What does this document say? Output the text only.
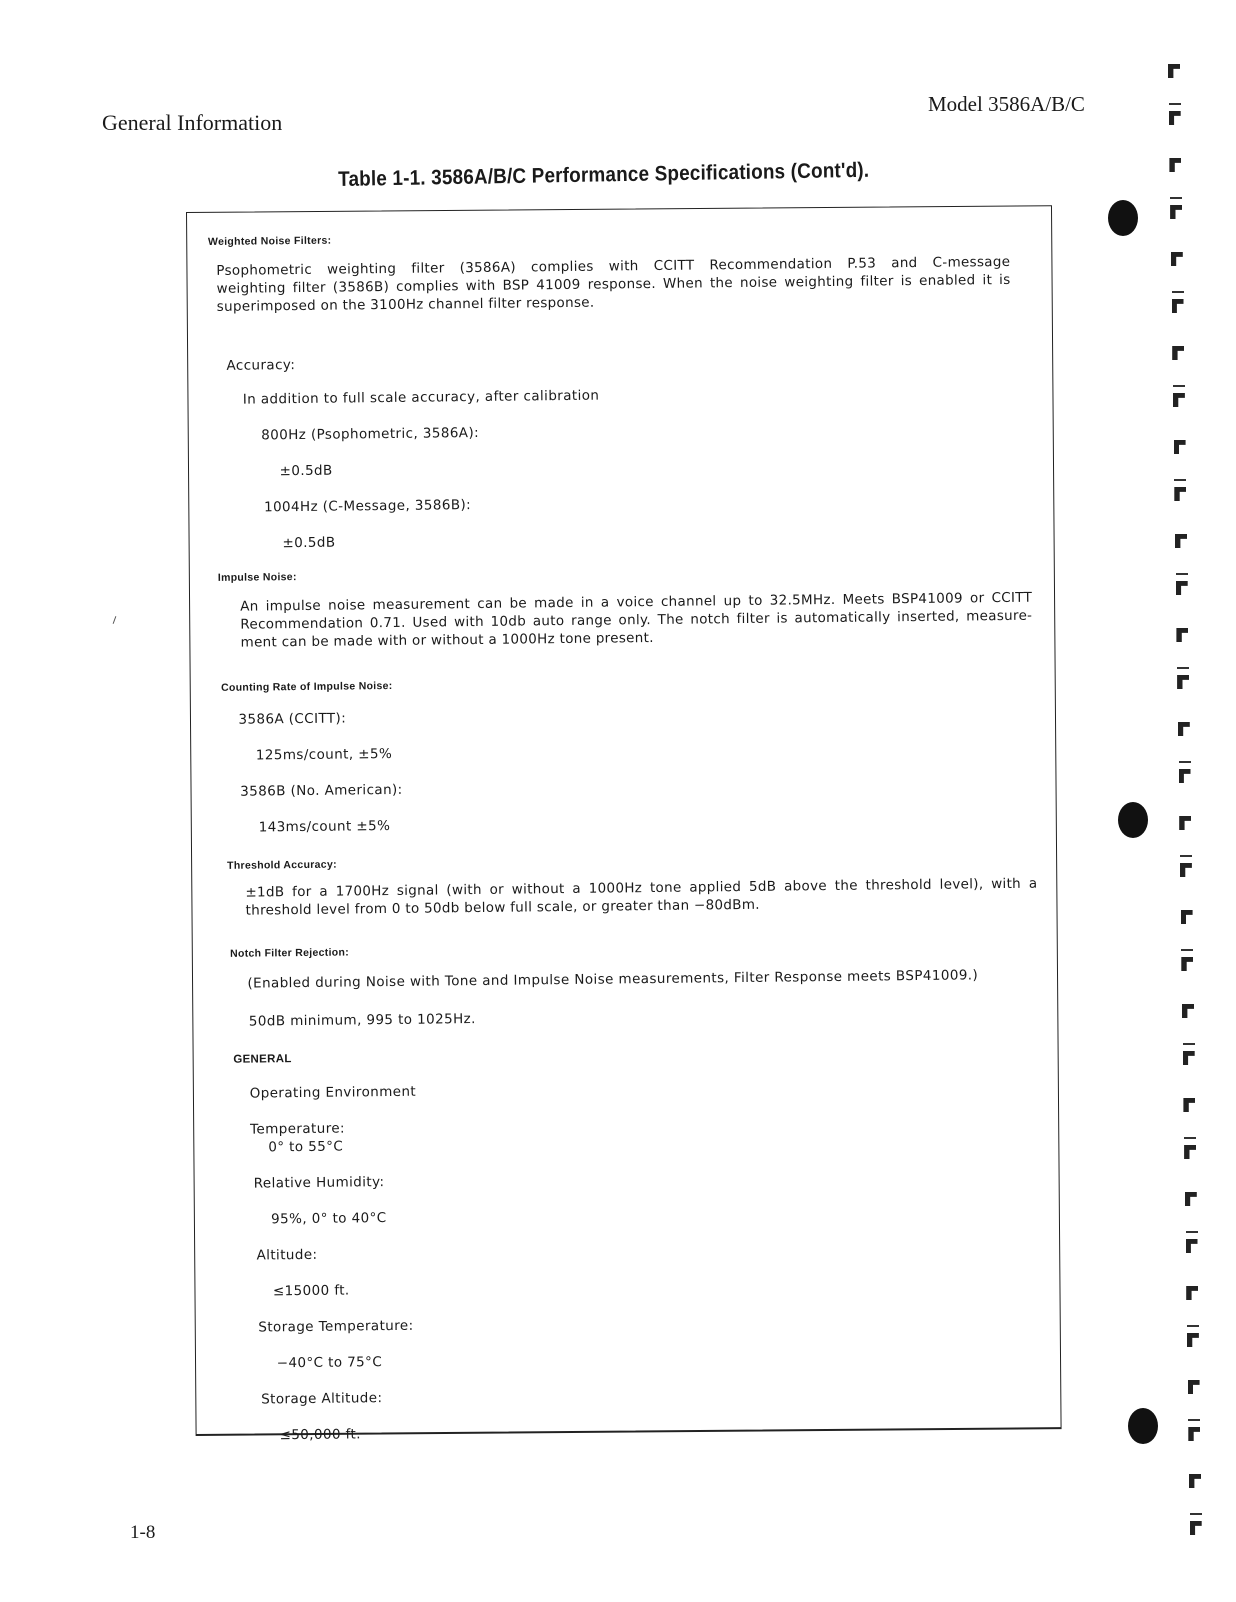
General Information
Model 3586A/B/C
Table 1-1. 3586A/B/C Performance Specifications (Cont'd).
Weighted Noise Filters:
Psophometric weighting filter (3586A) complies with CCITT Recommendation P.53 and C-message
weighting filter (3586B) complies with BSP 41009 response. When the noise weighting filter is enabled it is
superimposed on the 3100Hz channel filter response.
Accuracy:
In addition to full scale accuracy, after calibration
800Hz (Psophometric, 3586A):
±0.5dB
1004Hz (C-Message, 3586B):
±0.5dB
Impulse Noise:
An impulse noise measurement can be made in a voice channel up to 32.5MHz. Meets BSP41009 or CCITT
Recommendation 0.71. Used with 10db auto range only. The notch filter is automatically inserted, measure-
ment can be made with or without a 1000Hz tone present.
Counting Rate of Impulse Noise:
3586A (CCITT):
125ms/count, ±5%
3586B (No. American):
143ms/count ±5%
Threshold Accuracy:
±1dB for a 1700Hz signal (with or without a 1000Hz tone applied 5dB above the threshold level), with a
threshold level from 0 to 50db below full scale, or greater than −80dBm.
Notch Filter Rejection:
(Enabled during Noise with Tone and Impulse Noise measurements, Filter Response meets BSP41009.)
50dB minimum, 995 to 1025Hz.
GENERAL
Operating Environment
Temperature:
0° to 55°C
Relative Humidity:
95%, 0° to 40°C
Altitude:
≤15000 ft.
Storage Temperature:
−40°C to 75°C
Storage Altitude:
≤50,000 ft.
1-8
